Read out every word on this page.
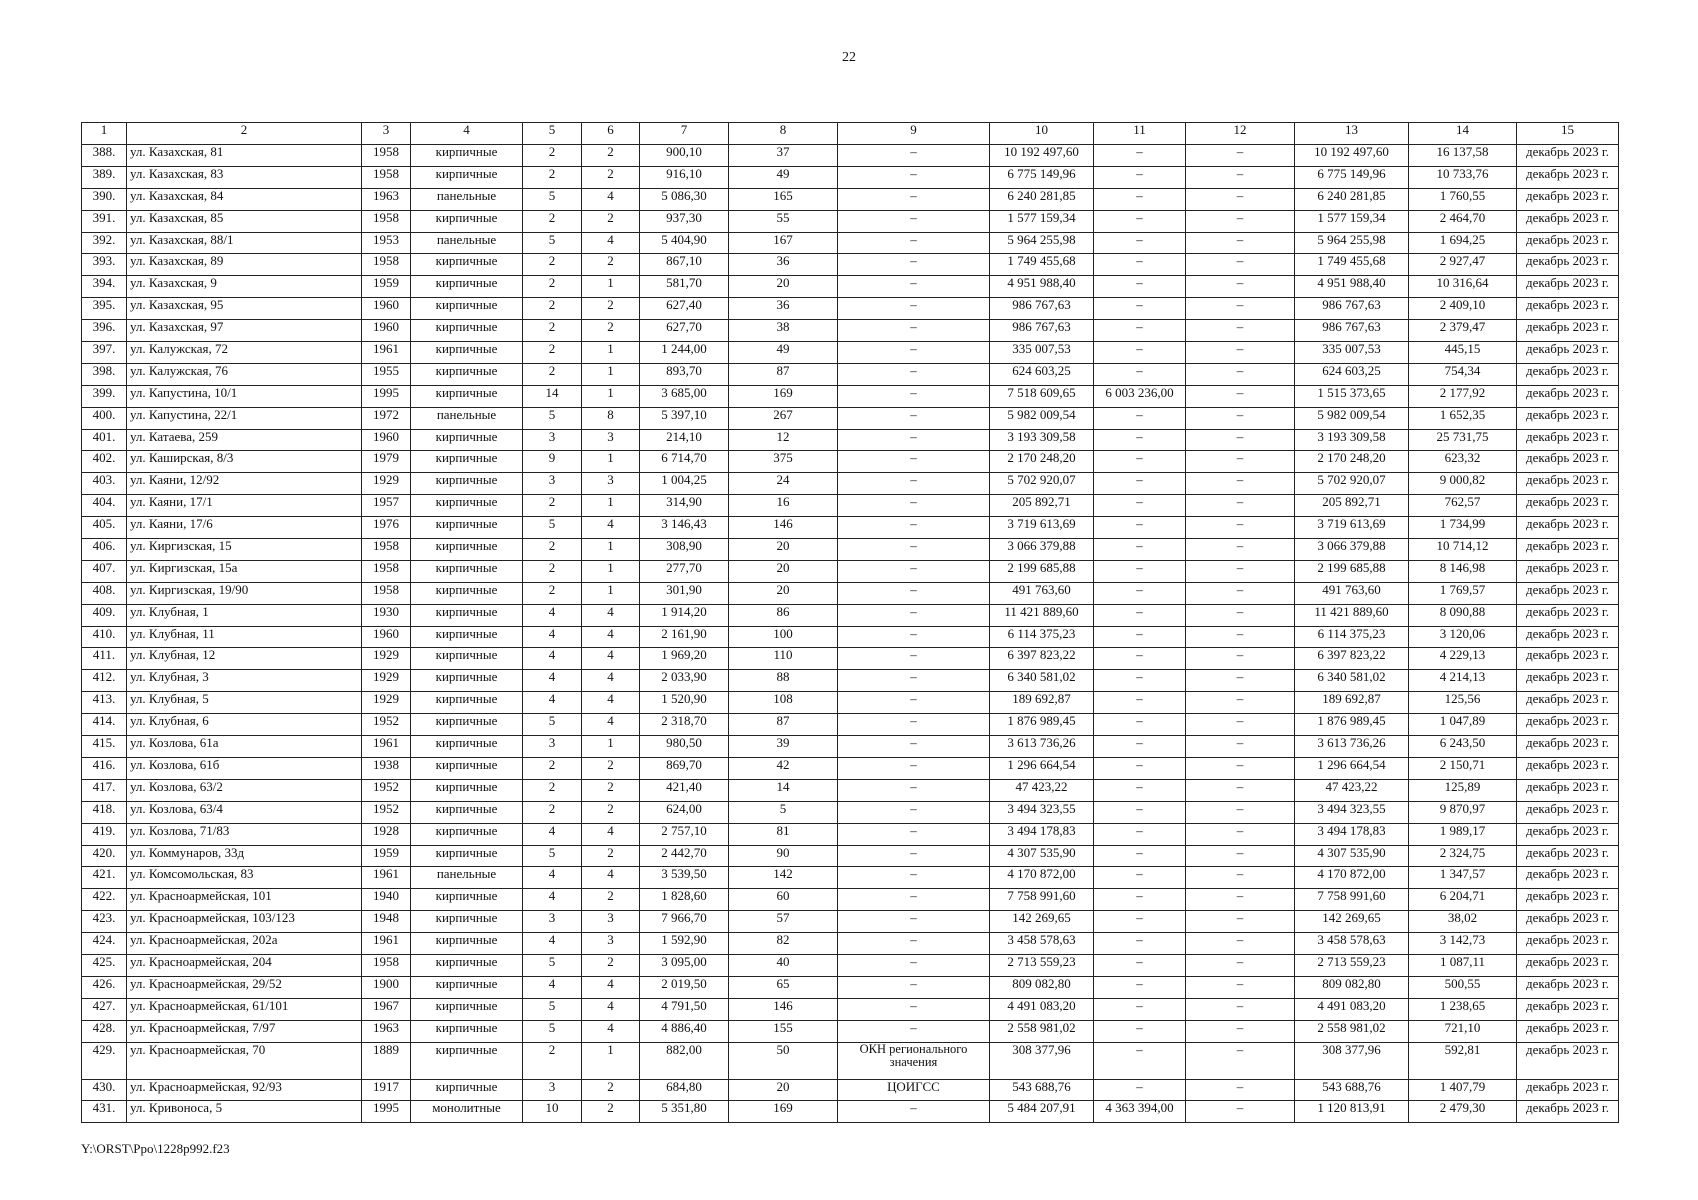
22
1	2	3	4	5	6	7	8	9	10	11	12	13	14	15
388.	ул. Казахская, 81	1958	кирпичные	2	2	900,10	37	–	10 192 497,60	–	–	10 192 497,60	16 137,58	декабрь 2023 г.
389.	ул. Казахская, 83	1958	кирпичные	2	2	916,10	49	–	6 775 149,96	–	–	6 775 149,96	10 733,76	декабрь 2023 г.
390.	ул. Казахская, 84	1963	панельные	5	4	5 086,30	165	–	6 240 281,85	–	–	6 240 281,85	1 760,55	декабрь 2023 г.
391.	ул. Казахская, 85	1958	кирпичные	2	2	937,30	55	–	1 577 159,34	–	–	1 577 159,34	2 464,70	декабрь 2023 г.
392.	ул. Казахская, 88/1	1953	панельные	5	4	5 404,90	167	–	5 964 255,98	–	–	5 964 255,98	1 694,25	декабрь 2023 г.
393.	ул. Казахская, 89	1958	кирпичные	2	2	867,10	36	–	1 749 455,68	–	–	1 749 455,68	2 927,47	декабрь 2023 г.
394.	ул. Казахская, 9	1959	кирпичные	2	1	581,70	20	–	4 951 988,40	–	–	4 951 988,40	10 316,64	декабрь 2023 г.
395.	ул. Казахская, 95	1960	кирпичные	2	2	627,40	36	–	986 767,63	–	–	986 767,63	2 409,10	декабрь 2023 г.
396.	ул. Казахская, 97	1960	кирпичные	2	2	627,70	38	–	986 767,63	–	–	986 767,63	2 379,47	декабрь 2023 г.
397.	ул. Калужская, 72	1961	кирпичные	2	1	1 244,00	49	–	335 007,53	–	–	335 007,53	445,15	декабрь 2023 г.
398.	ул. Калужская, 76	1955	кирпичные	2	1	893,70	87	–	624 603,25	–	–	624 603,25	754,34	декабрь 2023 г.
399.	ул. Капустина, 10/1	1995	кирпичные	14	1	3 685,00	169	–	7 518 609,65	6 003 236,00	–	1 515 373,65	2 177,92	декабрь 2023 г.
400.	ул. Капустина, 22/1	1972	панельные	5	8	5 397,10	267	–	5 982 009,54	–	–	5 982 009,54	1 652,35	декабрь 2023 г.
401.	ул. Катаева, 259	1960	кирпичные	3	3	214,10	12	–	3 193 309,58	–	–	3 193 309,58	25 731,75	декабрь 2023 г.
402.	ул. Каширская, 8/3	1979	кирпичные	9	1	6 714,70	375	–	2 170 248,20	–	–	2 170 248,20	623,32	декабрь 2023 г.
403.	ул. Каяни, 12/92	1929	кирпичные	3	3	1 004,25	24	–	5 702 920,07	–	–	5 702 920,07	9 000,82	декабрь 2023 г.
404.	ул. Каяни, 17/1	1957	кирпичные	2	1	314,90	16	–	205 892,71	–	–	205 892,71	762,57	декабрь 2023 г.
405.	ул. Каяни, 17/6	1976	кирпичные	5	4	3 146,43	146	–	3 719 613,69	–	–	3 719 613,69	1 734,99	декабрь 2023 г.
406.	ул. Киргизская, 15	1958	кирпичные	2	1	308,90	20	–	3 066 379,88	–	–	3 066 379,88	10 714,12	декабрь 2023 г.
407.	ул. Киргизская, 15а	1958	кирпичные	2	1	277,70	20	–	2 199 685,88	–	–	2 199 685,88	8 146,98	декабрь 2023 г.
408.	ул. Киргизская, 19/90	1958	кирпичные	2	1	301,90	20	–	491 763,60	–	–	491 763,60	1 769,57	декабрь 2023 г.
409.	ул. Клубная, 1	1930	кирпичные	4	4	1 914,20	86	–	11 421 889,60	–	–	11 421 889,60	8 090,88	декабрь 2023 г.
410.	ул. Клубная, 11	1960	кирпичные	4	4	2 161,90	100	–	6 114 375,23	–	–	6 114 375,23	3 120,06	декабрь 2023 г.
411.	ул. Клубная, 12	1929	кирпичные	4	4	1 969,20	110	–	6 397 823,22	–	–	6 397 823,22	4 229,13	декабрь 2023 г.
412.	ул. Клубная, 3	1929	кирпичные	4	4	2 033,90	88	–	6 340 581,02	–	–	6 340 581,02	4 214,13	декабрь 2023 г.
413.	ул. Клубная, 5	1929	кирпичные	4	4	1 520,90	108	–	189 692,87	–	–	189 692,87	125,56	декабрь 2023 г.
414.	ул. Клубная, 6	1952	кирпичные	5	4	2 318,70	87	–	1 876 989,45	–	–	1 876 989,45	1 047,89	декабрь 2023 г.
415.	ул. Козлова, 61а	1961	кирпичные	3	1	980,50	39	–	3 613 736,26	–	–	3 613 736,26	6 243,50	декабрь 2023 г.
416.	ул. Козлова, 61б	1938	кирпичные	2	2	869,70	42	–	1 296 664,54	–	–	1 296 664,54	2 150,71	декабрь 2023 г.
417.	ул. Козлова, 63/2	1952	кирпичные	2	2	421,40	14	–	47 423,22	–	–	47 423,22	125,89	декабрь 2023 г.
418.	ул. Козлова, 63/4	1952	кирпичные	2	2	624,00	5	–	3 494 323,55	–	–	3 494 323,55	9 870,97	декабрь 2023 г.
419.	ул. Козлова, 71/83	1928	кирпичные	4	4	2 757,10	81	–	3 494 178,83	–	–	3 494 178,83	1 989,17	декабрь 2023 г.
420.	ул. Коммунаров, 33д	1959	кирпичные	5	2	2 442,70	90	–	4 307 535,90	–	–	4 307 535,90	2 324,75	декабрь 2023 г.
421.	ул. Комсомольская, 83	1961	панельные	4	4	3 539,50	142	–	4 170 872,00	–	–	4 170 872,00	1 347,57	декабрь 2023 г.
422.	ул. Красноармейская, 101	1940	кирпичные	4	2	1 828,60	60	–	7 758 991,60	–	–	7 758 991,60	6 204,71	декабрь 2023 г.
423.	ул. Красноармейская, 103/123	1948	кирпичные	3	3	7 966,70	57	–	142 269,65	–	–	142 269,65	38,02	декабрь 2023 г.
424.	ул. Красноармейская, 202а	1961	кирпичные	4	3	1 592,90	82	–	3 458 578,63	–	–	3 458 578,63	3 142,73	декабрь 2023 г.
425.	ул. Красноармейская, 204	1958	кирпичные	5	2	3 095,00	40	–	2 713 559,23	–	–	2 713 559,23	1 087,11	декабрь 2023 г.
426.	ул. Красноармейская, 29/52	1900	кирпичные	4	4	2 019,50	65	–	809 082,80	–	–	809 082,80	500,55	декабрь 2023 г.
427.	ул. Красноармейская, 61/101	1967	кирпичные	5	4	4 791,50	146	–	4 491 083,20	–	–	4 491 083,20	1 238,65	декабрь 2023 г.
428.	ул. Красноармейская, 7/97	1963	кирпичные	5	4	4 886,40	155	–	2 558 981,02	–	–	2 558 981,02	721,10	декабрь 2023 г.
429.	ул. Красноармейская, 70	1889	кирпичные	2	1	882,00	50	ОКН регионального значения	308 377,96	–	–	308 377,96	592,81	декабрь 2023 г.
430.	ул. Красноармейская, 92/93	1917	кирпичные	3	2	684,80	20	ЦОИГСС	543 688,76	–	–	543 688,76	1 407,79	декабрь 2023 г.
431.	ул. Кривоноса, 5	1995	монолитные	10	2	5 351,80	169	–	5 484 207,91	4 363 394,00	–	1 120 813,91	2 479,30	декабрь 2023 г.
Y:\ORST\Ppo\1228p992.f23
